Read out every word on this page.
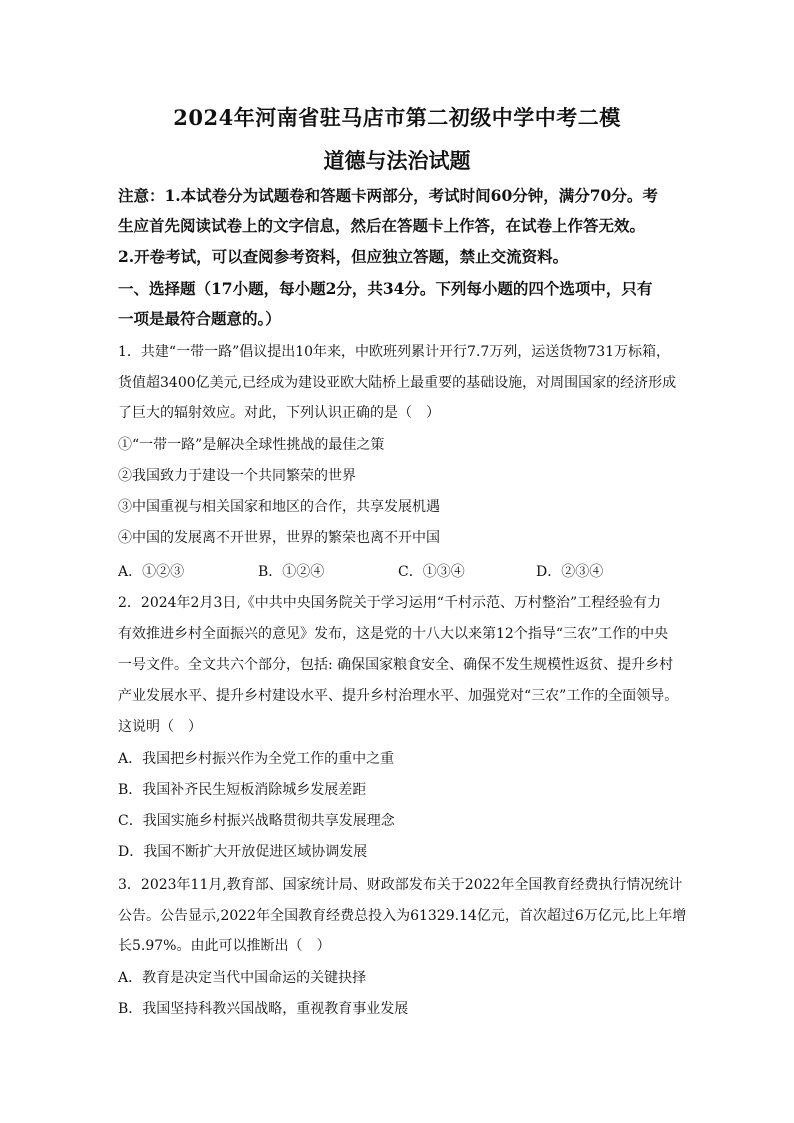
2024年河南省驻马店市第二初级中学中考二模
道德与法治试题
注意：1.本试卷分为试题卷和答题卡两部分，考试时间60分钟，满分70分。考
生应首先阅读试卷上的文字信息，然后在答题卡上作答，在试卷上作答无效。
2.开卷考试，可以查阅参考资料，但应独立答题，禁止交流资料。
一、选择题（17小题，每小题2分，共34分。下列每小题的四个选项中，只有
一项是最符合题意的。）
1．共建“一带一路”倡议提出10年来，中欧班列累计开行7.7万列，运送货物731万标箱，
货值超3400亿美元,已经成为建设亚欧大陆桥上最重要的基础设施，对周围国家的经济形成
了巨大的辐射效应。对此，下列认识正确的是（　）
①“一带一路”是解决全球性挑战的最佳之策
②我国致力于建设一个共同繁荣的世界
③中国重视与相关国家和地区的合作，共享发展机遇
④中国的发展离不开世界，世界的繁荣也离不开中国
A．①②③	B．①②④	C．①③④	D．②③④
2．2024年2月3日,《中共中央国务院关于学习运用“千村示范、万村整治”工程经验有力
有效推进乡村全面振兴的意见》发布，这是党的十八大以来第12个指导“三农”工作的中央
一号文件。全文共六个部分，包括: 确保国家粮食安全、确保不发生规模性返贫、提升乡村
产业发展水平、提升乡村建设水平、提升乡村治理水平、加强党对“三农”工作的全面领导。
这说明（　）
A．我国把乡村振兴作为全党工作的重中之重
B．我国补齐民生短板消除城乡发展差距
C．我国实施乡村振兴战略贯彻共享发展理念
D．我国不断扩大开放促进区域协调发展
3．2023年11月,教育部、国家统计局、财政部发布关于2022年全国教育经费执行情况统计
公告。公告显示,2022年全国教育经费总投入为61329.14亿元，首次超过6万亿元,比上年增
长5.97%。由此可以推断出（　）
A．教育是决定当代中国命运的关键抉择
B．我国坚持科教兴国战略，重视教育事业发展
